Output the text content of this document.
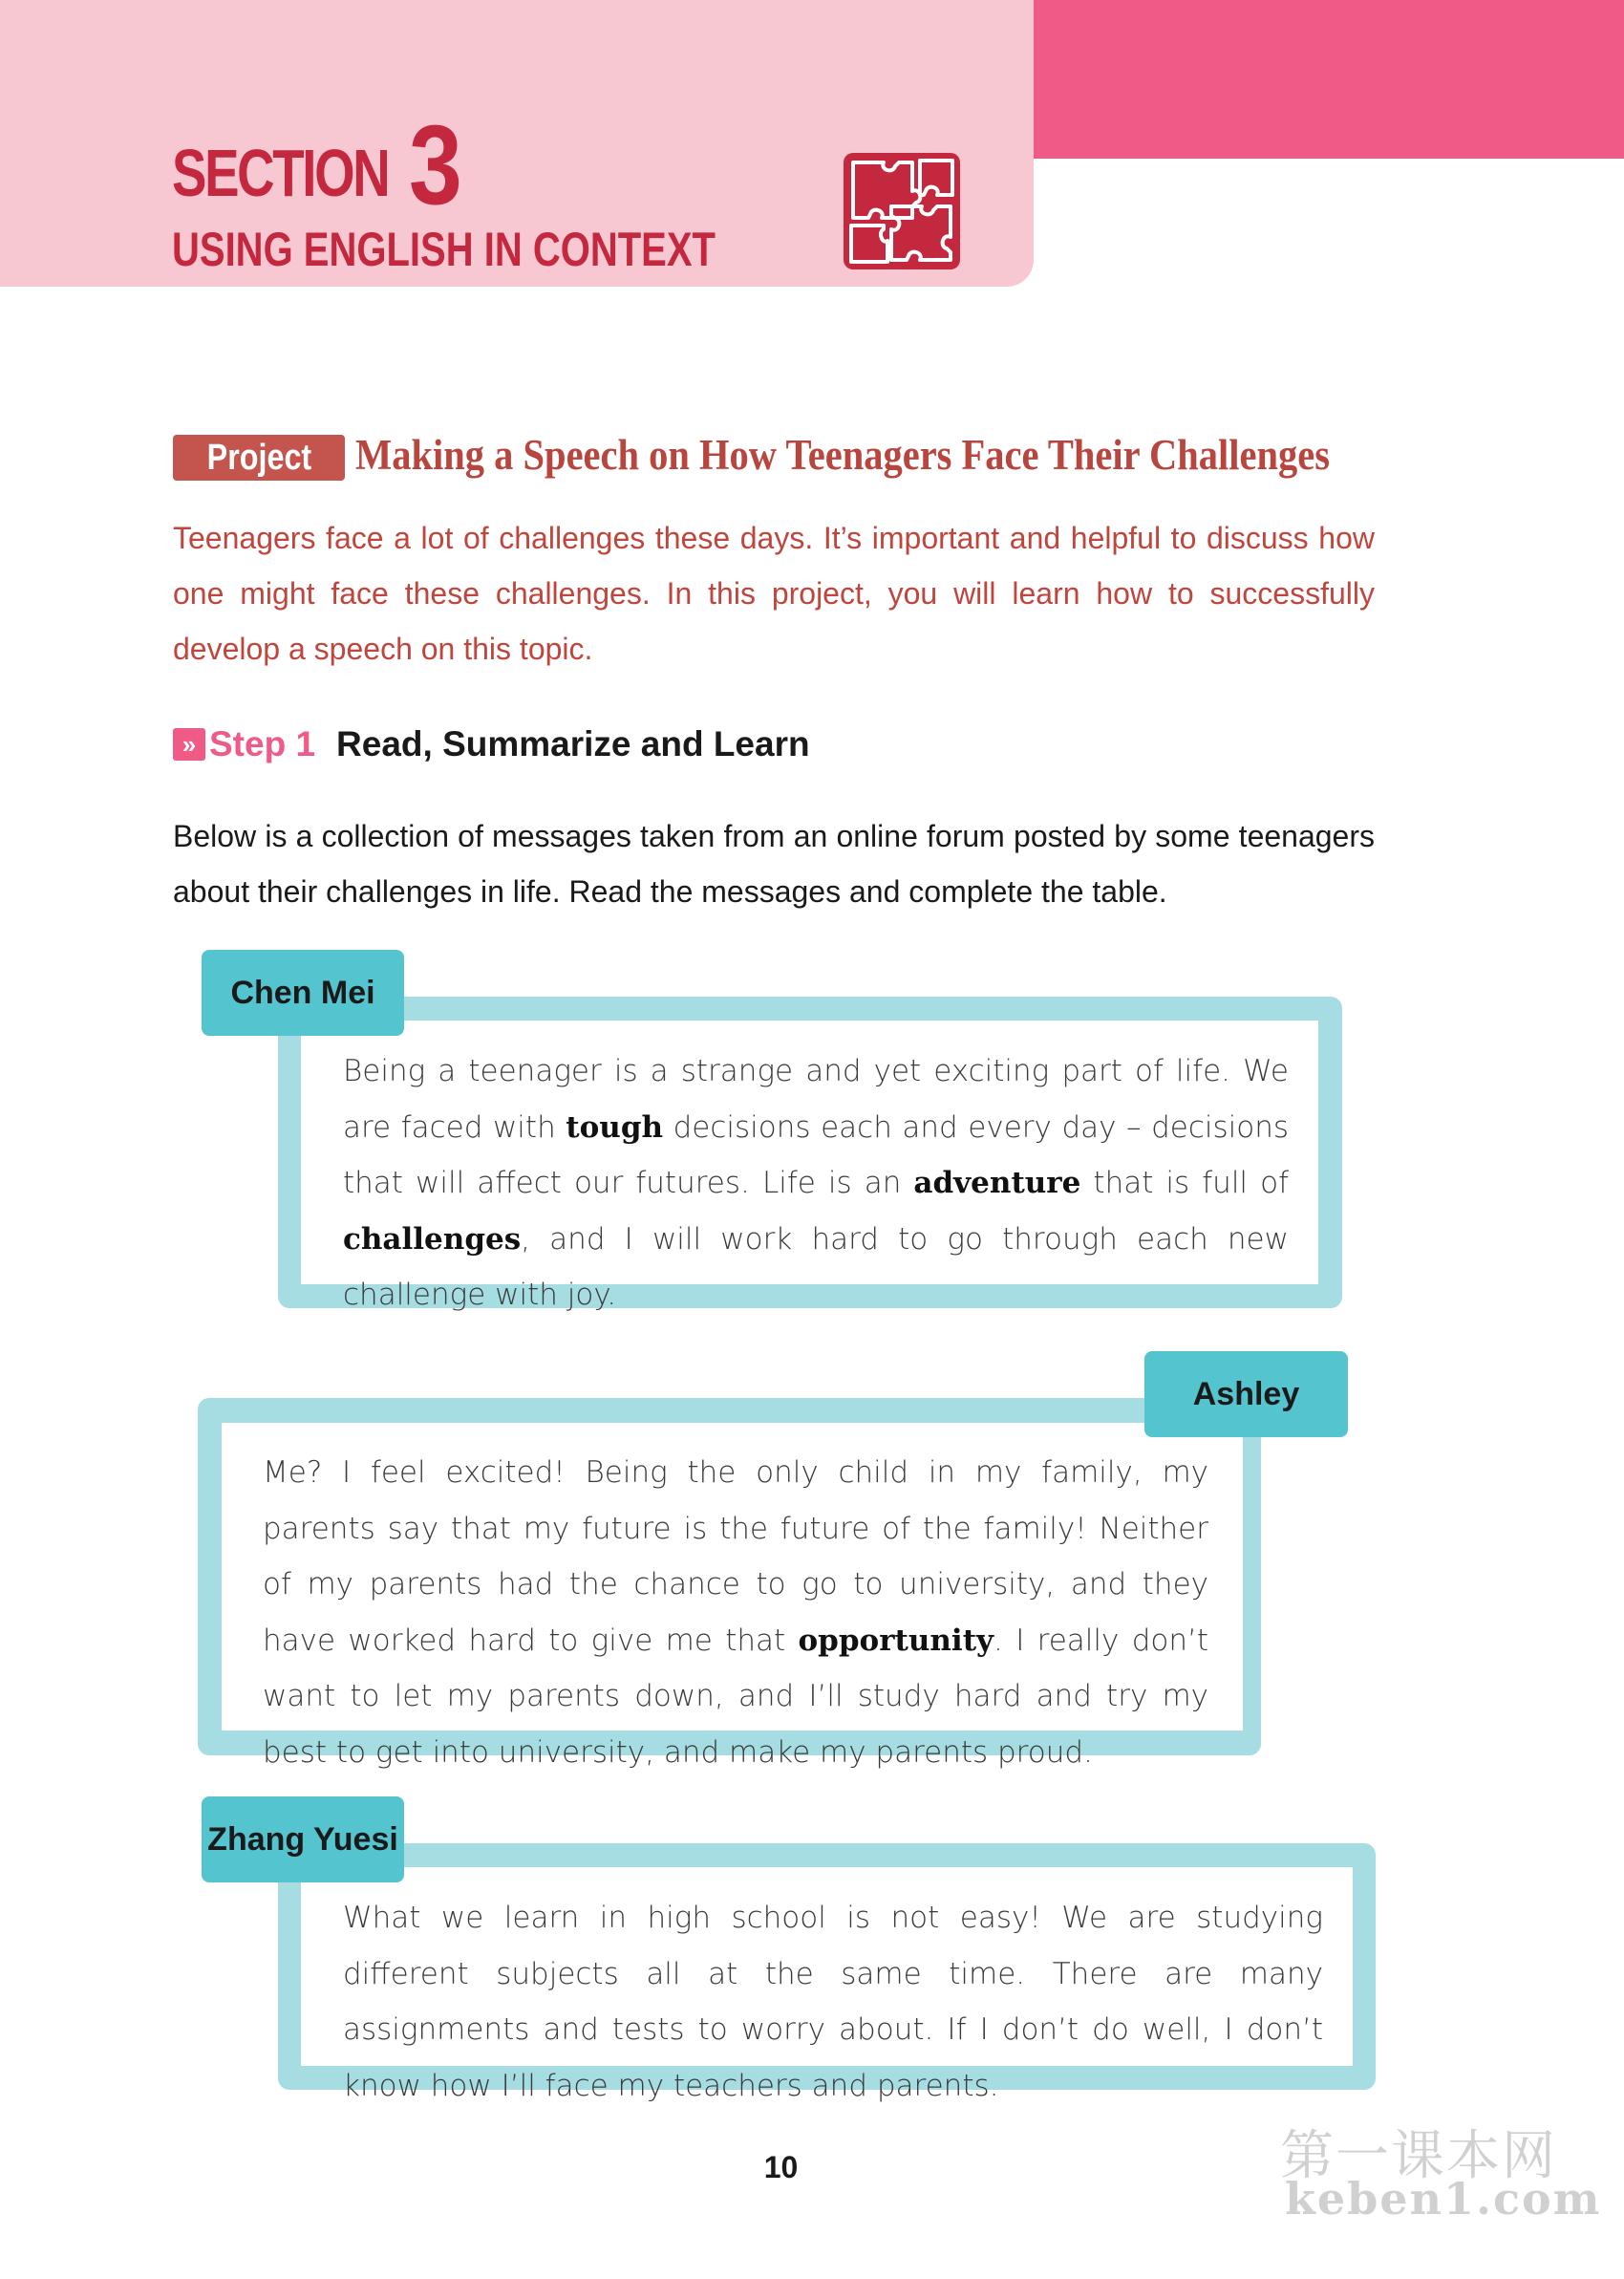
SECTION 3
USING ENGLISH IN CONTEXT
Project Making a Speech on How Teenagers Face Their Challenges
Teenagers face a lot of challenges these days. It’s important and helpful to discuss how one might face these challenges. In this project, you will learn how to successfully develop a speech on this topic.
» Step 1 Read, Summarize and Learn
Below is a collection of messages taken from an online forum posted by some teenagers about their challenges in life. Read the messages and complete the table.
Chen Mei
Being a teenager is a strange and yet exciting part of life. We are faced with tough decisions each and every day – decisions that will affect our futures. Life is an adventure that is full of challenges, and I will work hard to go through each new challenge with joy.
Ashley
Me? I feel excited! Being the only child in my family, my parents say that my future is the future of the family! Neither of my parents had the chance to go to university, and they have worked hard to give me that opportunity. I really don’t want to let my parents down, and I’ll study hard and try my best to get into university, and make my parents proud.
Zhang Yuesi
What we learn in high school is not easy! We are studying different subjects all at the same time. There are many assignments and tests to worry about. If I don’t do well, I don’t know how I’ll face my teachers and parents.
10	第一课本网
keben1.com
